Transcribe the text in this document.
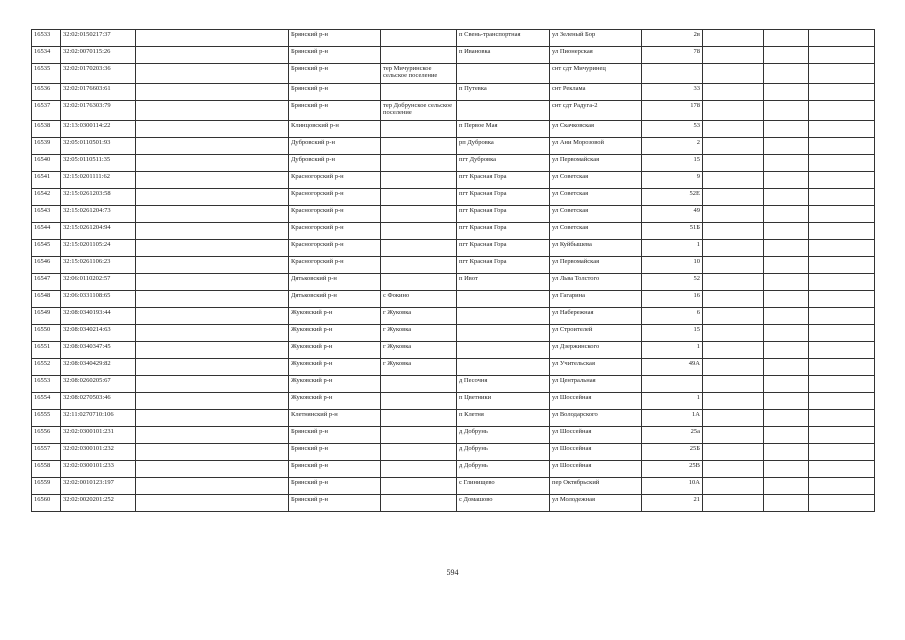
16533	32:02:0150217:37		Брянский р-н		п Свень-транспортная	ул Зеленый Бор	2в			
16534	32:02:0070115:26		Брянский р-н		п Ивановка	ул Пионерская	78			
16535	32:02:0170203:36		Брянский р-н	тер Мичуринское сельское поселение		снт сдт Мичуринец				
16536	32:02:0176603:61		Брянский р-н		п Путевка	снт Реклама	33			
16537	32:02:0176303:79		Брянский р-н	тер Добрунское сельское поселение		снт сдт Радуга-2	178			
16538	32:13:0300114:22		Клинцовский р-н		п Первое Мая	ул Скачковская	53			
16539	32:05:0110501:93		Дубровский р-н		рп Дубровка	ул Ани Морозовой	2			
16540	32:05:0110511:35		Дубровский р-н		пгт Дубровка	ул Первомайская	15			
16541	32:15:0201111:62		Красногорский р-н		пгт Красная Гора	ул Советская	9			
16542	32:15:0261203:58		Красногорский р-н		пгт Красная Гора	ул Советская	52Е			
16543	32:15:0261204:73		Красногорский р-н		пгт Красная Гора	ул Советская	49			
16544	32:15:0261204:94		Красногорский р-н		пгт Красная Гора	ул Советская	51Б			
16545	32:15:0201105:24		Красногорский р-н		пгт Красная Гора	ул Куйбышева	1			
16546	32:15:0261106:23		Красногорский р-н		пгт Красная Гора	ул Первомайская	10			
16547	32:06:0110202:57		Дятьковский р-н		п Ивот	ул Льва Толстого	52			
16548	32:06:0331108:65		Дятьковский р-н	с Фокино		ул Гагарина	16			
16549	32:08:0340193:44		Жуковский р-н	г Жуковка		ул Набережная	6			
16550	32:08:0340214:63		Жуковский р-н	г Жуковка		ул Строителей	15			
16551	32:08:0340347:45		Жуковский р-н	г Жуковка		ул Дзержинского	1			
16552	32:08:0340429:82		Жуковский р-н	г Жуковка		ул Учительская	49А			
16553	32:08:0260205:67		Жуковский р-н		д Песочня	ул Центральная				
16554	32:08:0270503:46		Жуковский р-н		п Цветники	ул Шоссейная	1			
16555	32:11:0270710:106		Клетнянский р-н		п Клетня	ул Володарского	1А			
16556	32:02:0300101:231		Брянский р-н		д Добрунь	ул Шоссейная	25а			
16557	32:02:0300101:232		Брянский р-н		д Добрунь	ул Шоссейная	25Б			
16558	32:02:0300101:233		Брянский р-н		д Добрунь	ул Шоссейная	25В			
16559	32:02:0010123:197		Брянский р-н		с Глинищево	пер Октябрьский	10А			
16560	32:02:0020201:252		Брянский р-н		с Домашово	ул Молодежная	21			
594
